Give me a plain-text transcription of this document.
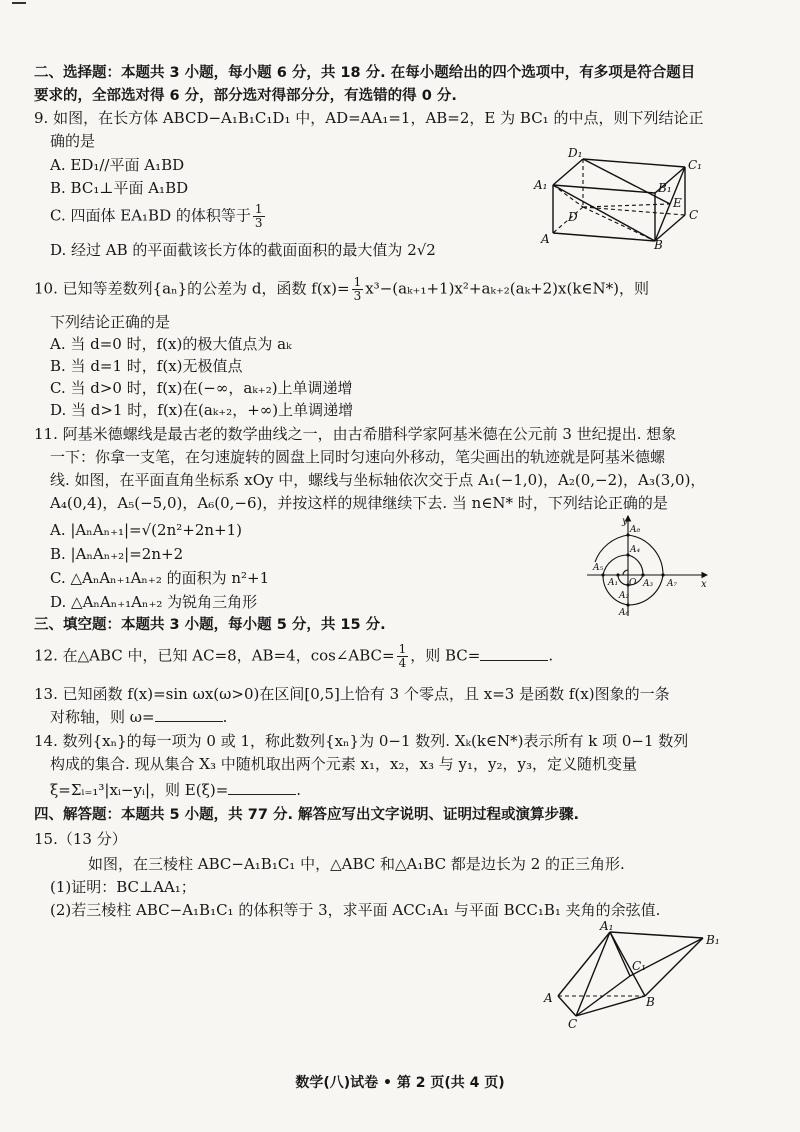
二、选择题：本题共 3 小题，每小题 6 分，共 18 分. 在每小题给出的四个选项中，有多项是符合题目
要求的，全部选对得 6 分，部分选对得部分分，有选错的得 0 分.
9. 如图，在长方体 ABCD−A₁B₁C₁D₁ 中，AD=AA₁=1，AB=2，E 为 BC₁ 的中点，则下列结论正
确的是
A. ED₁//平面 A₁BD
B. BC₁⊥平面 A₁BD
C. 四面体 EA₁BD 的体积等于 $\frac{1}{3}$
D. 经过 AB 的平面截该长方体的截面面积的最大值为 2√2
D₁
C₁
A₁	B₁
E
D	C
A	B
10. 已知等差数列{aₙ}的公差为 d，函数 $f(x)= \frac{1}{3}$ x³−(aₖ₊₁+1)x²+aₖ₊₂(aₖ+2)x(k∈N*)，则
下列结论正确的是
A. 当 d=0 时，f(x)的极大值点为 aₖ
B. 当 d=1 时，f(x)无极值点
C. 当 d>0 时，f(x)在(−∞，aₖ₊₂)上单调递增
D. 当 d>1 时，f(x)在(aₖ₊₂，+∞)上单调递增
11. 阿基米德螺线是最古老的数学曲线之一，由古希腊科学家阿基米德在公元前 3 世纪提出. 想象
一下：你拿一支笔，在匀速旋转的圆盘上同时匀速向外移动，笔尖画出的轨迹就是阿基米德螺
线. 如图，在平面直角坐标系 xOy 中，螺线与坐标轴依次交于点 A₁(−1,0)，A₂(0,−2)，A₃(3,0)，
A₄(0,4)，A₅(−5,0)，A₆(0,−6)，并按这样的规律继续下去. 当 n∈N* 时，下列结论正确的是
A. |AₙAₙ₊₁|=√(2n²+2n+1)
B. |AₙAₙ₊₂|=2n+2
C. △AₙAₙ₊₁Aₙ₊₂ 的面积为 n²+1
D. △AₙAₙ₊₁Aₙ₊₂ 为锐角三角形
y
x
O
A₈
A₄
A₅
A₁	A₃ A₇
A₂
A₆
三、填空题：本题共 3 小题，每小题 5 分，共 15 分.
12. 在△ABC 中，已知 AC=8，AB=4，cos∠ABC= $\frac{1}{4}$ ，则 BC=	.
13. 已知函数 f(x)=sin ωx(ω>0)在区间[0,5]上恰有 3 个零点，且 x=3 是函数 f(x)图象的一条
对称轴，则 ω=	.
14. 数列{xₙ}的每一项为 0 或 1，称此数列{xₙ}为 0−1 数列. Xₖ(k∈N*)表示所有 k 项 0−1 数列
构成的集合. 现从集合 X₃ 中随机取出两个元素 x₁，x₂，x₃ 与 y₁，y₂，y₃，定义随机变量
ξ=Σᵢ₌₁³|xᵢ−yᵢ|，则 E(ξ)=	.
四、解答题：本题共 5 小题，共 77 分. 解答应写出文字说明、证明过程或演算步骤.
15.（13 分）
如图，在三棱柱 ABC−A₁B₁C₁ 中，△ABC 和△A₁BC 都是边长为 2 的正三角形.
(1)证明：BC⊥AA₁；
(2)若三棱柱 ABC−A₁B₁C₁ 的体积等于 3，求平面 ACC₁A₁ 与平面 BCC₁B₁ 夹角的余弦值.
A₁
B₁
C₁
A	B
C
数学(八)试卷 • 第 2 页(共 4 页)
